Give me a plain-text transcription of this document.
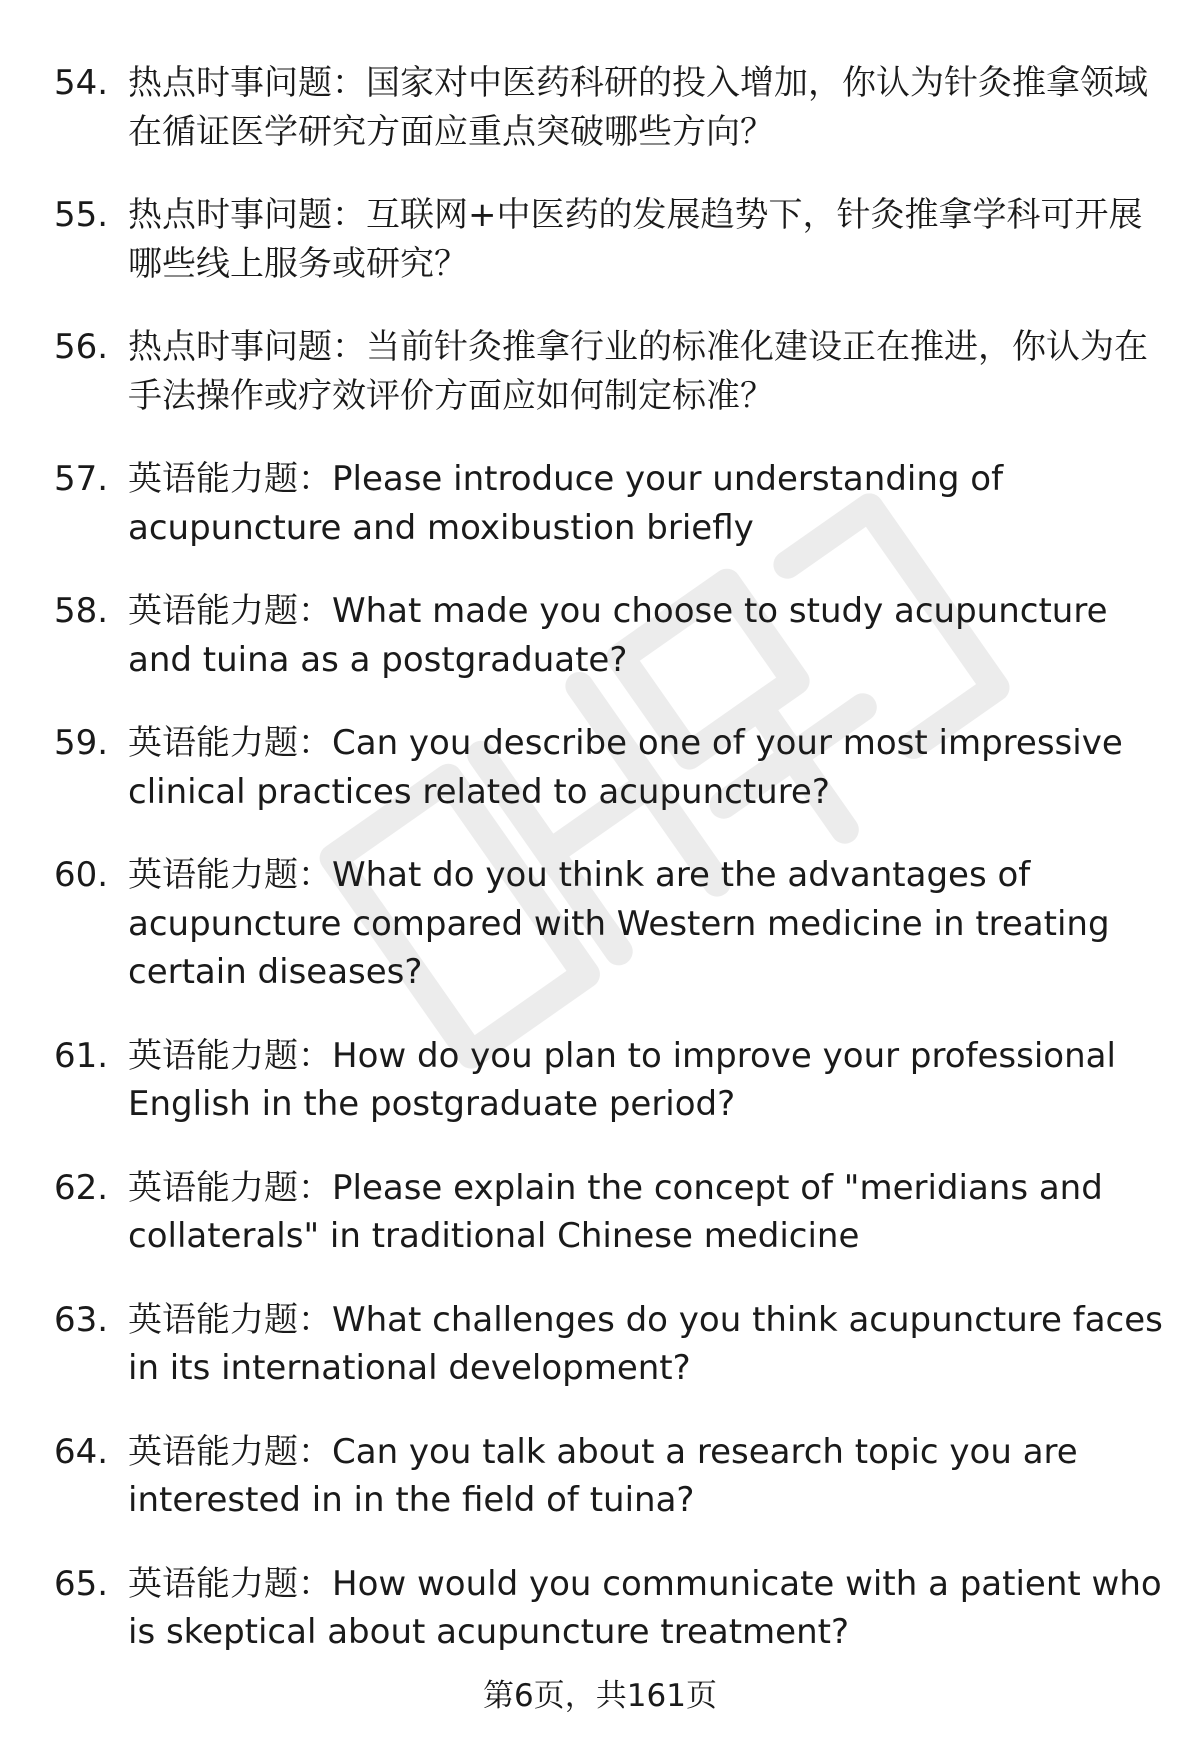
54. 热点时事问题：国家对中医药科研的投入增加，你认为针灸推拿领域在循证医学研究方面应重点突破哪些方向？
55. 热点时事问题：互联网+中医药的发展趋势下，针灸推拿学科可开展哪些线上服务或研究？
56. 热点时事问题：当前针灸推拿行业的标准化建设正在推进，你认为在手法操作或疗效评价方面应如何制定标准？
57. 英语能力题：Please introduce your understanding of acupuncture and moxibustion briefly
58. 英语能力题：What made you choose to study acupuncture and tuina as a postgraduate?
59. 英语能力题：Can you describe one of your most impressive clinical practices related to acupuncture?
60. 英语能力题：What do you think are the advantages of acupuncture compared with Western medicine in treating certain diseases?
61. 英语能力题：How do you plan to improve your professional English in the postgraduate period?
62. 英语能力题：Please explain the concept of "meridians and collaterals" in traditional Chinese medicine
63. 英语能力题：What challenges do you think acupuncture faces in its international development?
64. 英语能力题：Can you talk about a research topic you are interested in in the field of tuina?
65. 英语能力题：How would you communicate with a patient who is skeptical about acupuncture treatment?
第6页，共161页
